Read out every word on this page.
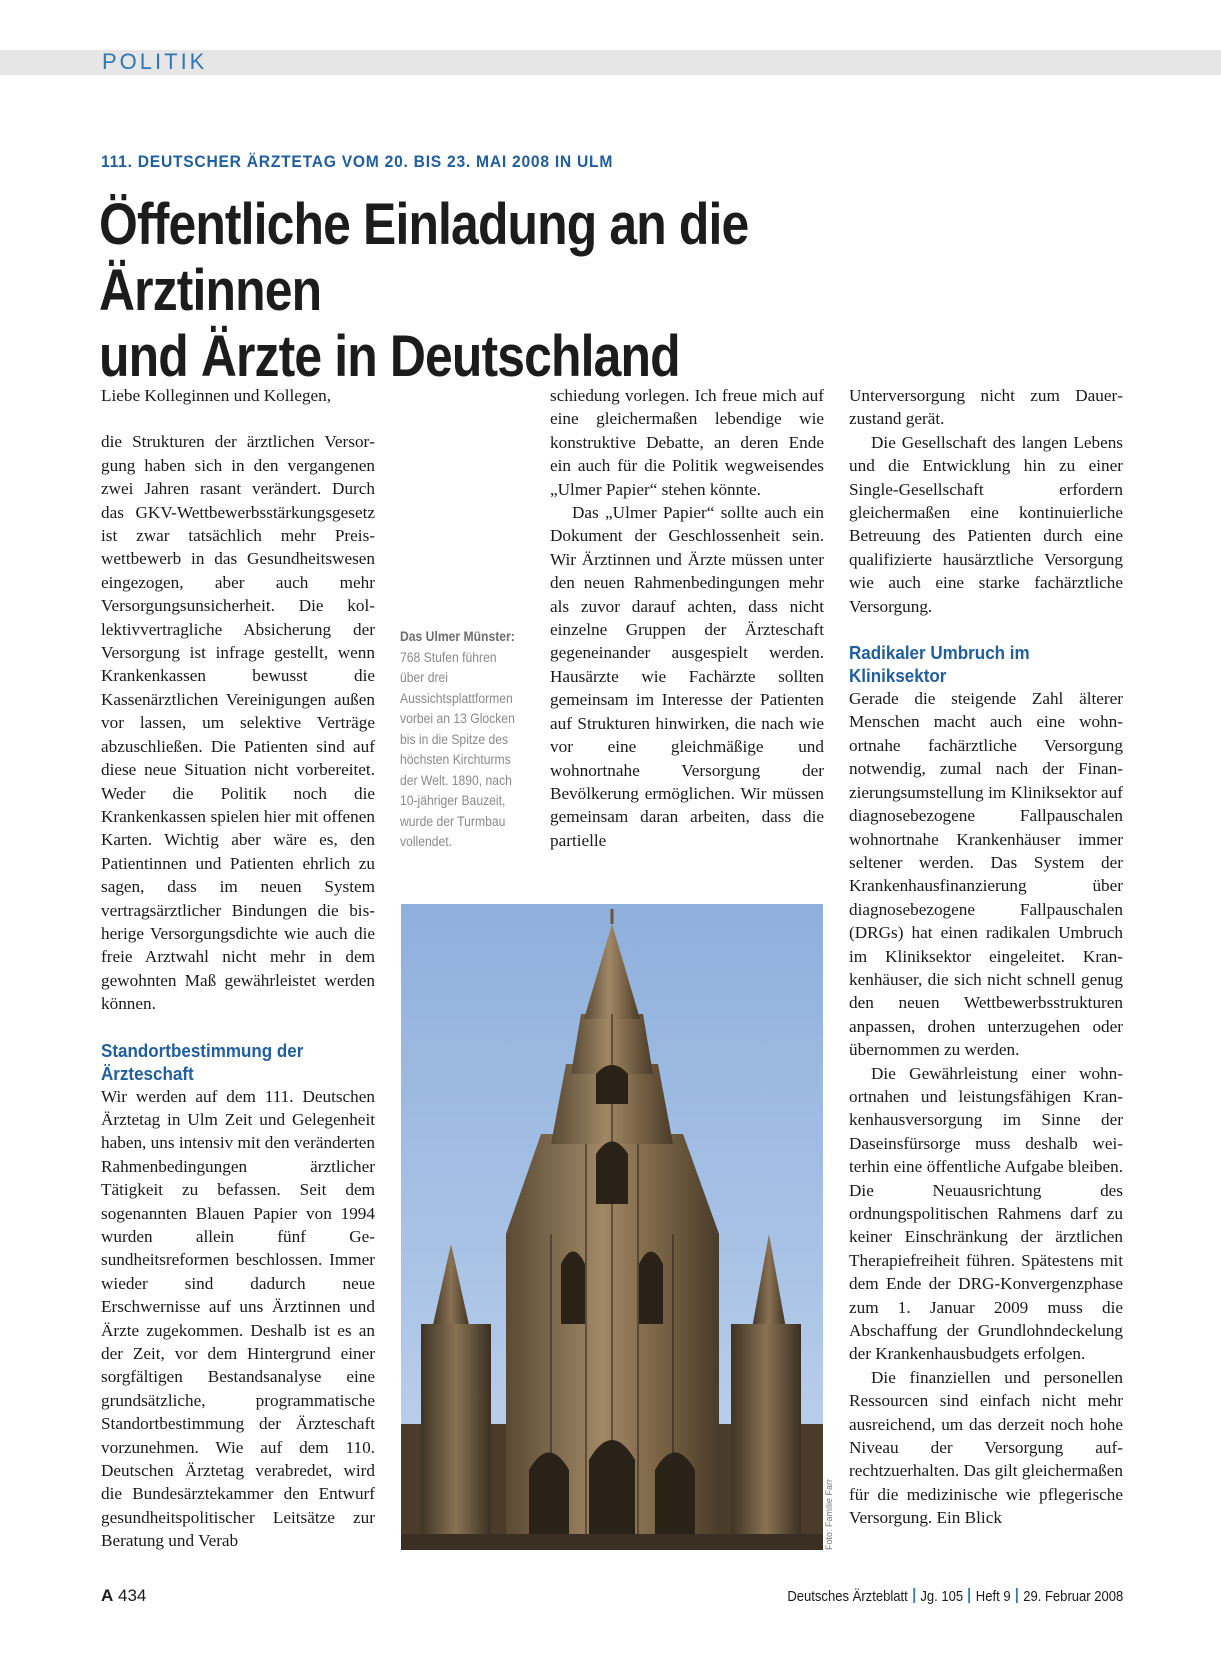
POLITIK
111. DEUTSCHER ÄRZTETAG VOM 20. BIS 23. MAI 2008 IN ULM
Öffentliche Einladung an die Ärztinnen
und Ärzte in Deutschland

Liebe Kolleginnen und Kollegen,

die Strukturen der ärztlichen Versorgung haben sich in den vergangenen zwei Jahren rasant verändert. Durch das GKV-Wettbewerbsstärkungsgesetz ist zwar tatsächlich mehr Preiswettbewerb in das Gesundheitswesen eingezogen, aber auch mehr Versorgungsunsicherheit. Die kollektivvertragliche Absicherung der Versorgung ist infrage gestellt, wenn Krankenkassen bewusst die Kassenärztlichen Vereinigungen außen vor lassen, um selektive Verträge abzuschließen. Die Patienten sind auf diese neue Situation nicht vorbereitet. Weder die Politik noch die Krankenkassen spielen hier mit offenen Karten. Wichtig aber wäre es, den Patientinnen und Patienten ehrlich zu sagen, dass im neuen System vertragsärztlicher Bindungen die bisherige Versorgungsdichte wie auch die freie Arztwahl nicht mehr in dem gewohnten Maß gewährleistet werden können.

Standortbestimmung der Ärzteschaft

Wir werden auf dem 111. Deutschen Ärztetag in Ulm Zeit und Gelegenheit haben, uns intensiv mit den veränderten Rahmenbedingungen ärztlicher Tätigkeit zu befassen. Seit dem sogenannten Blauen Papier von 1994 wurden allein fünf Gesundheitsreformen beschlossen. Immer wieder sind dadurch neue Erschwernisse auf uns Ärztinnen und Ärzte zugekommen. Deshalb ist es an der Zeit, vor dem Hintergrund einer sorgfältigen Bestandsanalyse eine grundsätzliche, programmatische Standortbestimmung der Ärzteschaft vorzunehmen. Wie auf dem 110. Deutschen Ärztetag verabredet, wird die Bundesärztekammer den Entwurf gesundheitspolitischer Leitsätze zur Beratung und Verab

Das Ulmer Münster: 768 Stufen führen über drei Aussichtsplattformen vorbei an 13 Glocken bis in die Spitze des höchsten Kirchturms der Welt. 1890, nach 10-jähriger Bauzeit, wurde der Turmbau vollendet.

schiedung vorlegen. Ich freue mich auf eine gleichermaßen lebendige wie konstruktive Debatte, an deren Ende ein auch für die Politik wegweisendes „Ulmer Papier“ stehen könnte.

Das „Ulmer Papier“ sollte auch ein Dokument der Geschlossenheit sein. Wir Ärztinnen und Ärzte müssen unter den neuen Rahmenbedingungen mehr als zuvor darauf achten, dass nicht einzelne Gruppen der Ärzteschaft gegeneinander ausgespielt werden. Hausärzte wie Fachärzte sollten gemeinsam im Interesse der Patienten auf Strukturen hinwirken, die nach wie vor eine gleichmäßige und wohnortnahe Versorgung der Bevölkerung ermöglichen. Wir müssen gemeinsam daran arbeiten, dass die partielle

Foto: Familie Farr

Unterversorgung nicht zum Dauerzustand gerät.

Die Gesellschaft des langen Lebens und die Entwicklung hin zu einer Single-Gesellschaft erfordern gleichermaßen eine kontinuierliche Betreuung des Patienten durch eine qualifizierte hausärztliche Versorgung wie auch eine starke fachärztliche Versorgung.

Radikaler Umbruch im Kliniksektor

Gerade die steigende Zahl älterer Menschen macht auch eine wohnortnahe fachärztliche Versorgung notwendig, zumal nach der Finanzierungsumstellung im Kliniksektor auf diagnosebezogene Fallpauschalen wohnortnahe Krankenhäuser immer seltener werden. Das System der Krankenhausfinanzierung über diagnosebezogene Fallpauschalen (DRGs) hat einen radikalen Umbruch im Kliniksektor eingeleitet. Krankenhäuser, die sich nicht schnell genug den neuen Wettbewerbsstrukturen anpassen, drohen unterzugehen oder übernommen zu werden.

Die Gewährleistung einer wohnortnahen und leistungsfähigen Krankenhausversorgung im Sinne der Daseinsfürsorge muss deshalb weiterhin eine öffentliche Aufgabe bleiben. Die Neuausrichtung des ordnungspolitischen Rahmens darf zu keiner Einschränkung der ärztlichen Therapiefreiheit führen. Spätestens mit dem Ende der DRG-Konvergenzphase zum 1. Januar 2009 muss die Abschaffung der Grundlohndeckelung der Krankenhausbudgets erfolgen.

Die finanziellen und personellen Ressourcen sind einfach nicht mehr ausreichend, um das derzeit noch hohe Niveau der Versorgung aufrechtzuerhalten. Das gilt gleichermaßen für die medizinische wie pflegerische Versorgung. Ein Blick

A 434	Deutsches Ärzteblatt Jg. 105 Heft 9 29. Februar 2008
